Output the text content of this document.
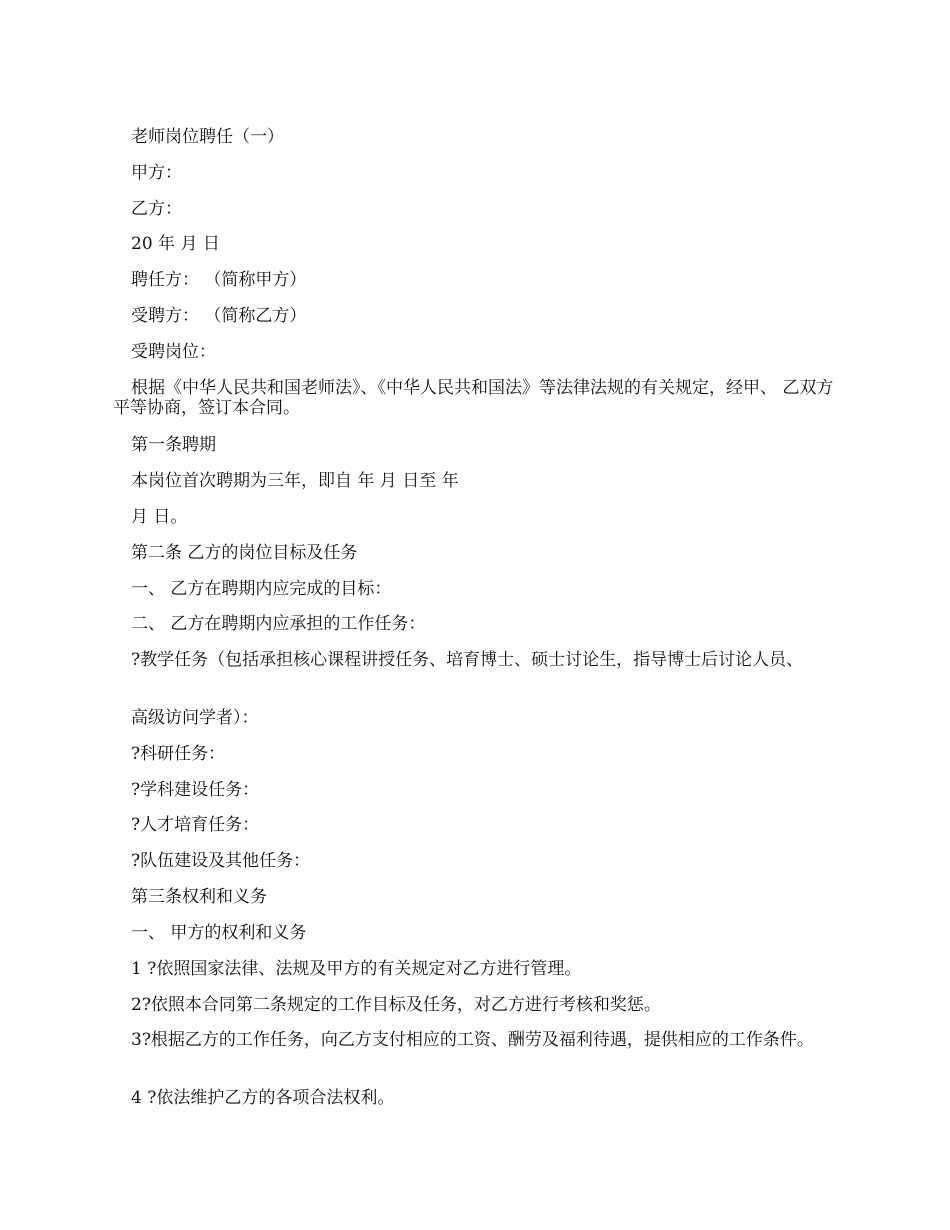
老师岗位聘任（一）
甲方：
乙方：
20 年 月 日
聘任方： （简称甲方）
受聘方： （简称乙方）
受聘岗位：
根据《中华人民共和国老师法》、《中华人民共和国法》等法律法规的有关规定，经甲、 乙双方平等协商，签订本合同。
第一条聘期
本岗位首次聘期为三年，即自 年 月 日至 年
月 日。
第二条 乙方的岗位目标及任务
一、 乙方在聘期内应完成的目标：
二、 乙方在聘期内应承担的工作任务：
?教学任务（包括承担核心课程讲授任务、培育博士、硕士讨论生，指导博士后讨论人员、
高级访问学者）：
?科研任务：
?学科建设任务：
?人才培育任务：
?队伍建设及其他任务：
第三条权利和义务
一、 甲方的权利和义务
1 ?依照国家法律、法规及甲方的有关规定对乙方进行管理。
2?依照本合同第二条规定的工作目标及任务，对乙方进行考核和奖惩。
3?根据乙方的工作任务，向乙方支付相应的工资、酬劳及福利待遇，提供相应的工作条件。
4 ?依法维护乙方的各项合法权利。
